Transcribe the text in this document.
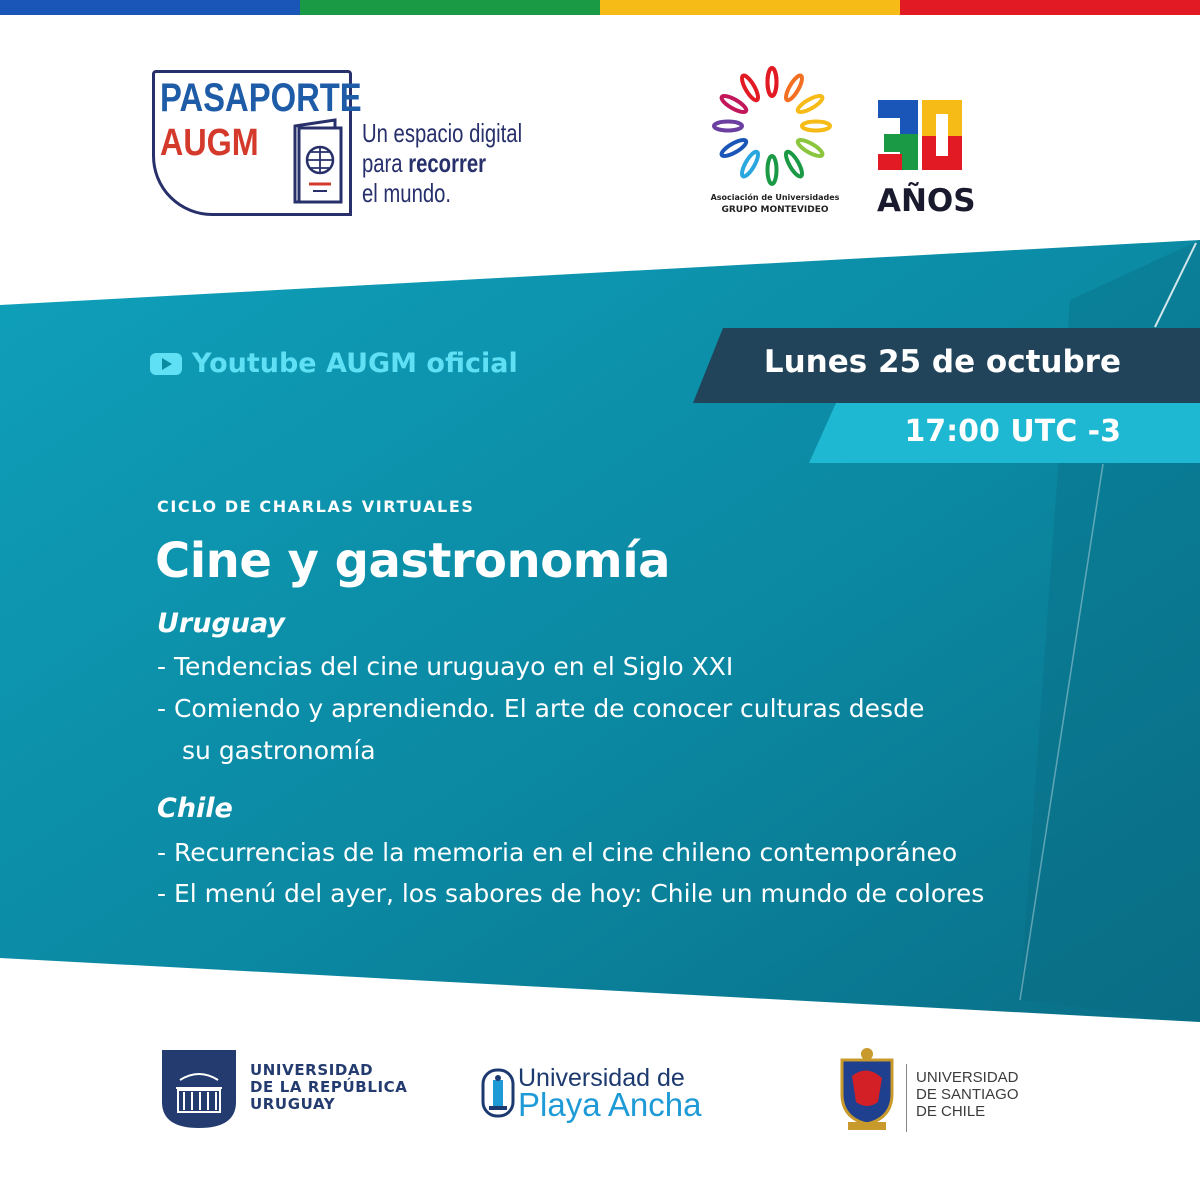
PASAPORTE
AUGM	Un espacio digital
para recorrer
el mundo.	Asociación de Universidades
GRUPO MONTEVIDEO	AÑOS
Youtube AUGM oficial	Lunes 25 de octubre
17:00 UTC -3
CICLO DE CHARLAS VIRTUALES
Cine y gastronomía
Uruguay
- Tendencias del cine uruguayo en el Siglo XXI
- Comiendo y aprendiendo. El arte de conocer culturas desde
su gastronomía
Chile
- Recurrencias de la memoria en el cine chileno contemporáneo
- El menú del ayer, los sabores de hoy: Chile un mundo de colores
UNIVERSIDAD
DE LA REPÚBLICA
URUGUAY
Universidad de
Playa Ancha
UNIVERSIDAD
DE SANTIAGO
DE CHILE
